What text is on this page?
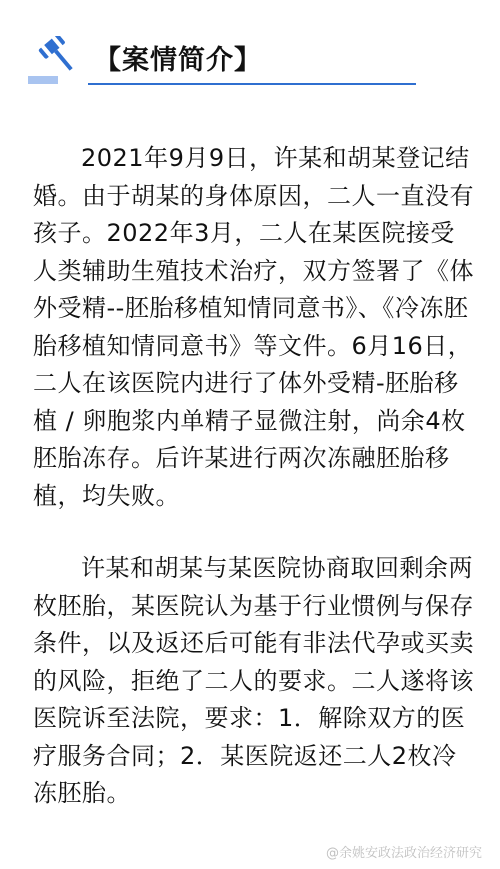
【案情简介】

2021年9月9日，许某和胡某登记结婚。由于胡某的身体原因，二人一直没有孩子。2022年3月，二人在某医院接受人类辅助生殖技术治疗，双方签署了《体外受精--胚胎移植知情同意书》、《冷冻胚胎移植知情同意书》等文件。6月16日，二人在该医院内进行了体外受精-胚胎移植 / 卵胞浆内单精子显微注射，尚余4枚胚胎冻存。后许某进行两次冻融胚胎移植，均失败。

许某和胡某与某医院协商取回剩余两枚胚胎，某医院认为基于行业惯例与保存条件，以及返还后可能有非法代孕或买卖的风险，拒绝了二人的要求。二人遂将该医院诉至法院，要求：1．解除双方的医疗服务合同；2．某医院返还二人2枚冷冻胚胎。

@余姚安政法政治经济研究
